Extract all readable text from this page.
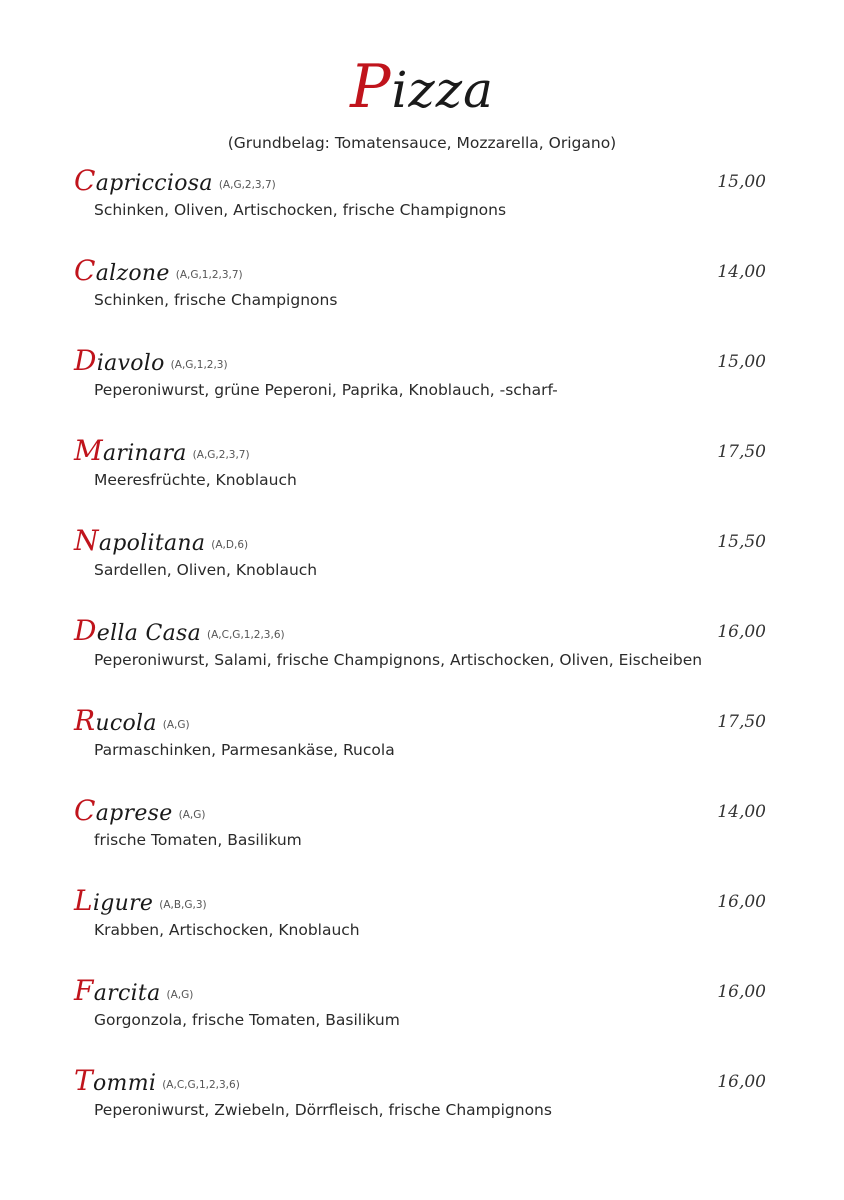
Pizza
(Grundbelag: Tomatensauce, Mozzarella, Origano)
Capricciosa (A,G,2,3,7)	15,00
Schinken, Oliven, Artischocken, frische Champignons
Calzone (A,G,1,2,3,7)	14,00
Schinken, frische Champignons
Diavolo (A,G,1,2,3)	15,00
Peperoniwurst, grüne Peperoni, Paprika, Knoblauch, -scharf-
Marinara (A,G,2,3,7)	17,50
Meeresfrüchte, Knoblauch
Napolitana (A,D,6)	15,50
Sardellen, Oliven, Knoblauch
Della Casa (A,C,G,1,2,3,6)	16,00
Peperoniwurst, Salami, frische Champignons, Artischocken, Oliven, Eischeiben
Rucola (A,G)	17,50
Parmaschinken, Parmesankäse, Rucola
Caprese (A,G)	14,00
frische Tomaten, Basilikum
Ligure (A,B,G,3)	16,00
Krabben, Artischocken, Knoblauch
Farcita (A,G)	16,00
Gorgonzola, frische Tomaten, Basilikum
Tommi (A,C,G,1,2,3,6)	16,00
Peperoniwurst, Zwiebeln, Dörrfleisch, frische Champignons
